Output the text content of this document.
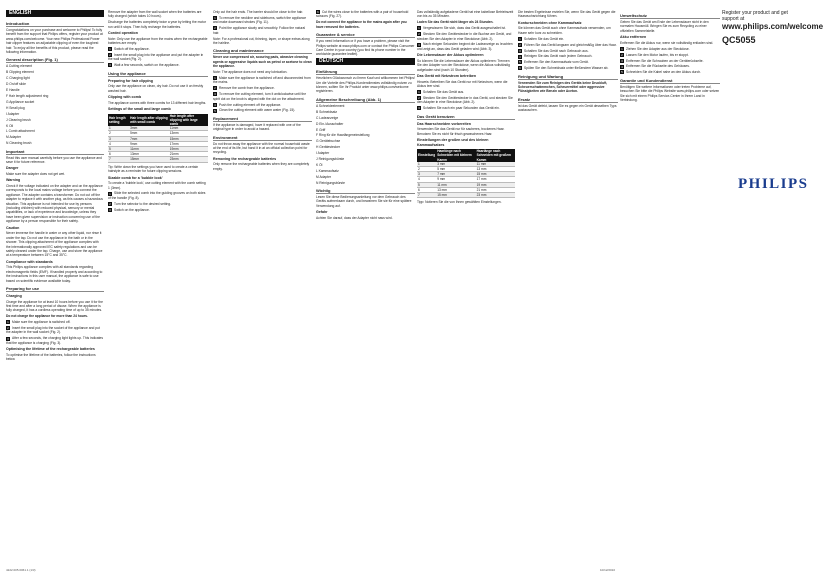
ENGLISH
Introduction

Congratulations on your purchase and welcome to Philips! To fully benefit from the support that Philips offers, register your product at www.philips.com/welcome. Your new Philips Professional Power hair clipper features an adjustable clipping of even the toughest hair. To enjoy all the benefits of this product, please read the following information.

General description (Fig. 1)
A Cutting element
B Clipping element
C Charging light
D On/off slide
E Handle
F Hair length adjustment ring
G Appliance socket
H Small plug
I Adapter
J Cleaning brush
K Oil
L Comb attachment
M Adapter
N Cleaning brush
Important

Read this user manual carefully before you use the appliance and save it for future reference.

Danger

Make sure the adapter does not get wet.

Warning

Check if the voltage indicated on the adapter and on the appliance corresponds to the local mains voltage before you connect the appliance. The adapter contains a transformer. Do not cut off the adapter to replace it with another plug, as this causes a hazardous situation. This appliance is not intended for use by persons (including children) with reduced physical, sensory or mental capabilities, or lack of experience and knowledge, unless they have been given supervision or instruction concerning use of the appliance by a person responsible for their safety.

Caution

Never immerse the handle in water or any other liquid, nor rinse it under the tap. Do not use the appliance in the bath or in the shower. This clipping attachment of the appliance complies with the internationally approved IEC safety regulations and can be safely cleaned under the tap. Charge, use and store the appliance at a temperature between 15°C and 35°C.

Compliance with standards

This Philips appliance complies with all standards regarding electromagnetic fields (EMF). If handled properly and according to the instructions in this user manual, the appliance is safe to use based on scientific evidence available today.

Preparing for use
Charging

Charge the appliance for at least 10 hours before you use it for the first time and after a long period of disuse. When the appliance is fully charged, it has a cordless operating time of up to 35 minutes.

Do not charge the appliance for more than 24 hours.

1 Make sure the appliance is switched off.
2 Insert the small plug into the socket of the appliance and put the adapter in the wall socket (Fig. 2).
3 After a few seconds, the charging light lights up. This indicates that the appliance is charging (Fig. 3).
Optimising the lifetime of the rechargeable batteries

To optimise the lifetime of the batteries, follow the instructions below.

Remove the adapter from the wall socket when the batteries are fully charged (which takes 10 hours).

Discharge the batteries completely twice a year by letting the motor run until it stops. Then fully recharge the batteries.

Corded operation

Note: Only use the appliance from the mains when the rechargeable batteries are empty.

1 Switch off the appliance.
2 Insert the small plug into the appliance and put the adapter in the wall socket (Fig. 2).
3 Wait a few seconds, switch on the appliance.
Using the appliance
Preparing for hair clipping

Only use the appliance on clean, dry hair. Do not use it on freshly washed hair.

Clipping with comb

The appliance comes with three combs for 13 different hair lengths.

Settings of the small and large comb
Hair length setting	Hair length after clipping with small comb	Hair length after clipping with large comb
1	3mm	11mm
2	5mm	13mm
3	7mm	15mm
4	9mm	17mm
5	11mm	19mm
6	13mm	21mm
7	15mm	23mm

Tip: Write down the settings you have used to create a certain hairstyle as a reminder for future clipping sessions.

Sizable comb for a 'bubble look'

To create a 'bubble look', use cutting element with the comb setting 1 (3mm).

1 Slide the selected comb into the guiding grooves on both sides of the handle (Fig. 8).
2 Turn the selector to the desired setting.
3 Switch on the appliance.

Only cut the hair ends. The barrier should be close to the hair.

1 To remove the neckline and sideburns, switch the appliance and make downward strokes (Fig. 11).
2 Point the appliance slowly and smoothly. Follow the natural hair.

Note: For a professional cut, thinning, taper, or shape extras along the hairline.

Cleaning and maintenance

Never use compressed air, scouring pads, abrasive cleaning agents or aggressive liquids such as petrol or acetone to clean the appliance.

Note: The appliance does not need any lubrication.

1 Make sure the appliance is switched off and disconnected from the mains.
2 Remove the comb from the appliance.
3 To remove the cutting element, turn it anticlockwise until the spirit dot on the knob is aligned with the dot on the attachment.
4 Push the cutting element off the appliance.
5 Clean the cutting element with warm water (Fig. 15).
Replacement

If the appliance is damaged, have it replaced with one of the original type in order to avoid a hazard.

Environment

Do not throw away the appliance with the normal household waste at the end of its life, but hand it in at an official collection point for recycling.

Removing the rechargeable batteries

Only remove the rechargeable batteries when they are completely empty.

6 Cut the wires close to the batteries with a pair of household scissors (Fig. 27).

Do not connect the appliance to the mains again after you have removed the batteries.

Guarantee & service

If you need information or if you have a problem, please visit the Philips website at www.philips.com or contact the Philips Consumer Care Centre in your country (you find its phone number in the worldwide guarantee leaflet).

DEUTSCH
Einführung

Herzlichen Glückwunsch zu Ihrem Kauf und willkommen bei Philips! Um die Vorteile des Philips-Kundendienstes vollständig nutzen zu können, sollten Sie Ihr Produkt unter www.philips.com/welcome registrieren.

Allgemeine Beschreibung (Abb. 1)
A Schneideelement
B Schneidsatz
C Ladeanzeige
D Ein-/Ausschalter
E Griff
F Ring für die Haarlängeneinstellung
G Gerätebuchse
H Gerätestecker
I Adapter
J Reinigungsbürste
K Öl
L Kammaufsatz
M Adapter
N Reinigungsbürste
Wichtig

Lesen Sie diese Bedienungsanleitung vor dem Gebrauch des Geräts aufmerksam durch, und bewahren Sie sie für eine spätere Verwendung auf.

Gefahr

Achten Sie darauf, dass der Adapter nicht nass wird.

Das vollständig aufgeladene Gerät hat eine kabellose Betriebszeit von bis zu 35 Minuten.

Laden Sie das Gerät nicht länger als 24 Stunden.

1 Vergewissern Sie sich, dass das Gerät ausgeschaltet ist.
2 Stecken Sie den Gerätestecker in die Buchse am Gerät, und stecken Sie den Adapter in eine Steckdose (Abb. 2).
3 Nach einigen Sekunden beginnt die Ladeanzeige zu leuchten und zeigt an, dass das Gerät geladen wird (Abb. 3).
Die Lebensdauer der Akkus optimieren

So können Sie die Lebensdauer der Akkus optimieren: Trennen Sie den Adapter von der Steckdose, wenn die Akkus vollständig aufgeladen sind (nach 10 Stunden).

Das Gerät mit Netzstrom betreiben

Hinweis: Betreiben Sie das Gerät nur mit Netzstrom, wenn die Akkus leer sind.

1 Schalten Sie das Gerät aus.
2 Stecken Sie den Gerätestecker in das Gerät, und stecken Sie den Adapter in eine Steckdose (Abb. 2).
3 Schalten Sie nach ein paar Sekunden das Gerät ein.
Das Gerät benutzen
Das Haarschneiden vorbereiten

Verwenden Sie das Gerät nur für sauberes, trockenes Haar. Benutzen Sie es nicht für frisch gewaschenes Haar.

Einstellungen der großen und des kleinen Kammaufsatzes
Einstellung	Haarlänge nach Schneiden mit kleinem Kamm	Haarlänge nach Schneiden mit großem Kamm
1	3 mm	11 mm
2	5 mm	13 mm
3	7 mm	15 mm
4	9 mm	17 mm
5	11 mm	19 mm
6	13 mm	21 mm
7	15 mm	23 mm

Tipp: Notieren Sie die von Ihnen gewählten Einstellungen.

Die besten Ergebnisse erzielen Sie, wenn Sie das Gerät gegen die Haarwuchsrichtung führen.

Konturschneiden ohne Kammaufsatz

Sie können das Gerät auch ohne Kammaufsatz verwenden, um Haare sehr kurz zu schneiden.

1 Schalten Sie das Gerät ein.
2 Führen Sie das Gerät langsam und gleichmäßig über das Haar.
3 Schalten Sie das Gerät nach Gebrauch aus.
4 Reinigen Sie das Gerät nach jedem Gebrauch.
5 Entfernen Sie den Kammaufsatz vom Gerät.
6 Spülen Sie den Schneidsatz unter fließendem Wasser ab.
Reinigung und Wartung

Verwenden Sie zum Reinigen des Geräts keine Druckluft, Scheuerschwämmchen, Scheuermittel oder aggressive Flüssigkeiten wie Benzin oder Aceton.

Ersatz

Ist das Gerät defekt, lassen Sie es gegen ein Gerät desselben Typs austauschen.

Umweltschutz

Geben Sie das Gerät am Ende der Lebensdauer nicht in den normalen Hausmüll. Bringen Sie es zum Recycling zu einer offiziellen Sammelstelle.

Akku entfernen

Entfernen Sie die Akkus nur, wenn sie vollständig entladen sind.

1 Ziehen Sie den Adapter aus der Steckdose.
2 Lassen Sie den Motor laufen, bis er stoppt.
3 Entfernen Sie die Schrauben an der Geräterückseite.
4 Entfernen Sie die Rückseite des Gehäuses.
5 Schneiden Sie die Kabel nahe an den Akkus durch.
Garantie und Kundendienst

Benötigen Sie weitere Informationen oder treten Probleme auf, besuchen Sie bitte die Philips Website www.philips.com oder setzen Sie sich mit einem Philips Service-Center in Ihrem Land in Verbindung.

Register your product and get support at
www.philips.com/welcome
QC5055
PHILIPS
4222.005.0061.1 (1/3)	10/12/2010
